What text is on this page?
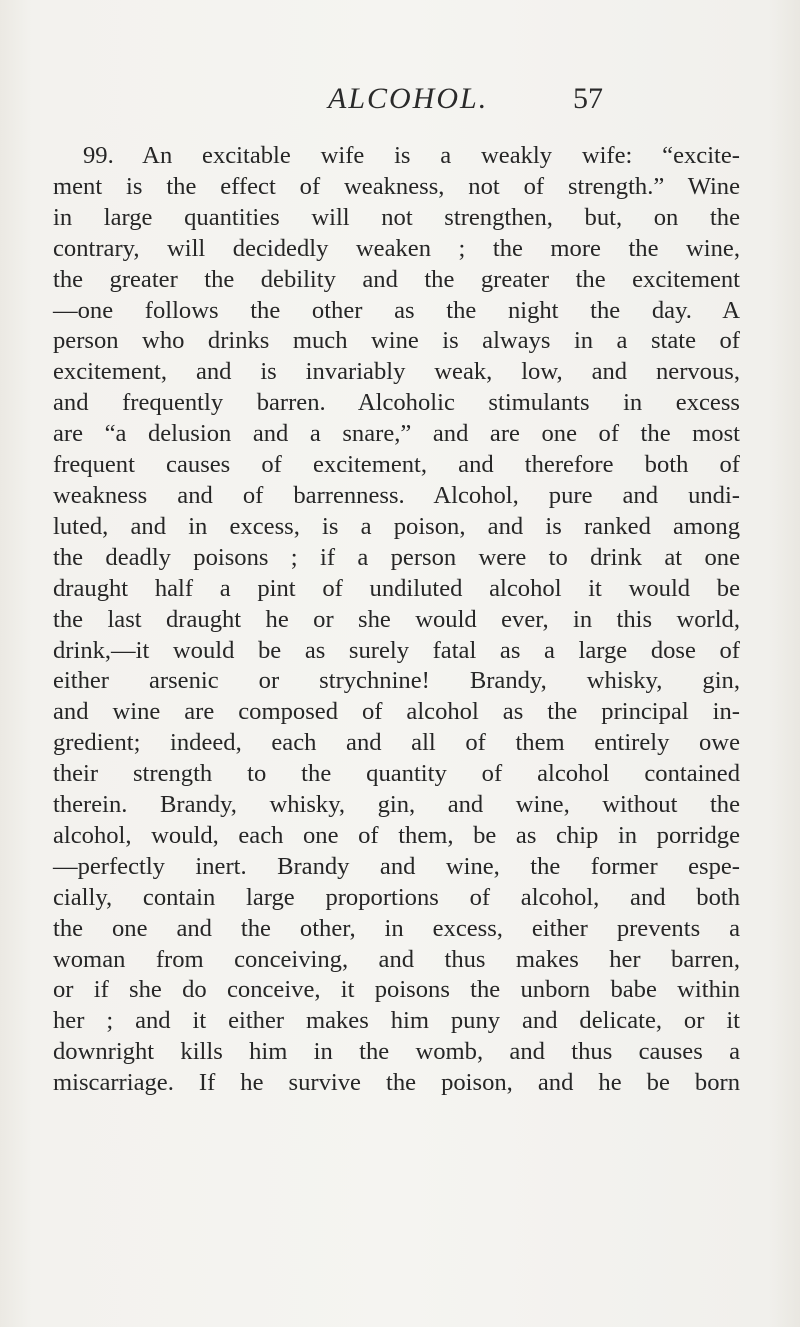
ALCOHOL.	57
99. An excitable wife is a weakly wife: “excite-
ment is the effect of weakness, not of strength.” Wine
in large quantities will not strengthen, but, on the
contrary, will decidedly weaken ; the more the wine,
the greater the debility and the greater the excitement
—one follows the other as the night the day. A
person who drinks much wine is always in a state of
excitement, and is invariably weak, low, and nervous,
and frequently barren. Alcoholic stimulants in excess
are “a delusion and a snare,” and are one of the most
frequent causes of excitement, and therefore both of
weakness and of barrenness. Alcohol, pure and undi-
luted, and in excess, is a poison, and is ranked among
the deadly poisons ; if a person were to drink at one
draught half a pint of undiluted alcohol it would be
the last draught he or she would ever, in this world,
drink,—it would be as surely fatal as a large dose of
either arsenic or strychnine! Brandy, whisky, gin,
and wine are composed of alcohol as the principal in-
gredient; indeed, each and all of them entirely owe
their strength to the quantity of alcohol contained
therein. Brandy, whisky, gin, and wine, without the
alcohol, would, each one of them, be as chip in porridge
—perfectly inert. Brandy and wine, the former espe-
cially, contain large proportions of alcohol, and both
the one and the other, in excess, either prevents a
woman from conceiving, and thus makes her barren,
or if she do conceive, it poisons the unborn babe within
her ; and it either makes him puny and delicate, or it
downright kills him in the womb, and thus causes a
miscarriage. If he survive the poison, and he be born
